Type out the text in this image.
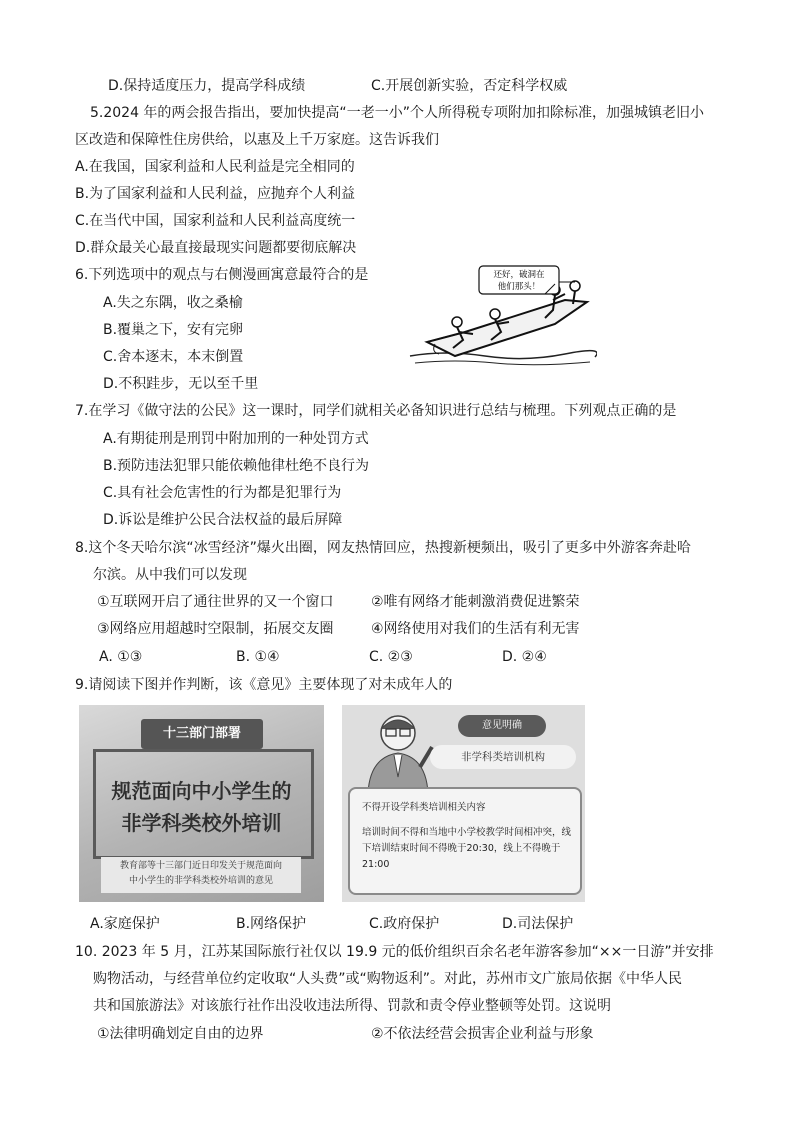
D.保持适度压力，提高学科成绩	C.开展创新实验，否定科学权威
5.2024 年的两会报告指出，要加快提高“一老一小”个人所得税专项附加扣除标准，加强城镇老旧小
区改造和保障性住房供给，以惠及上千万家庭。这告诉我们
A.在我国，国家利益和人民利益是完全相同的
B.为了国家利益和人民利益，应抛弃个人利益
C.在当代中国，国家利益和人民利益高度统一
D.群众最关心最直接最现实问题都要彻底解决
6.下列选项中的观点与右侧漫画寓意最符合的是
A.失之东隅，收之桑榆
B.覆巢之下，安有完卵
C.舍本逐末，本末倒置
D.不积跬步，无以至千里
还好，破洞在
他们那头！
7.在学习《做守法的公民》这一课时，同学们就相关必备知识进行总结与梳理。下列观点正确的是
A.有期徒刑是刑罚中附加刑的一种处罚方式
B.预防违法犯罪只能依赖他律杜绝不良行为
C.具有社会危害性的行为都是犯罪行为
D.诉讼是维护公民合法权益的最后屏障
8.这个冬天哈尔滨“冰雪经济”爆火出圈，网友热情回应，热搜新梗频出，吸引了更多中外游客奔赴哈
尔滨。从中我们可以发现
①互联网开启了通往世界的又一个窗口	②唯有网络才能刺激消费促进繁荣
③网络应用超越时空限制，拓展交友圈	④网络使用对我们的生活有利无害
A. ①③	B. ①④	C. ②③	D. ②④
9.请阅读下图并作判断，该《意见》主要体现了对未成年人的
十三部门部署
规范面向中小学生的
非学科类校外培训
教育部等十三部门近日印发关于规范面向
中小学生的非学科类校外培训的意见
意见明确
非学科类培训机构
不得开设学科类培训相关内容
培训时间不得和当地中小学校教学时间相冲突，线下培训结束时间不得晚于20:30，线上不得晚于21:00
A.家庭保护	B.网络保护	C.政府保护	D.司法保护
10. 2023 年 5 月，江苏某国际旅行社仅以 19.9 元的低价组织百余名老年游客参加“××一日游”并安排
购物活动，与经营单位约定收取“人头费”或“购物返利”。对此，苏州市文广旅局依据《中华人民
共和国旅游法》对该旅行社作出没收违法所得、罚款和责令停业整顿等处罚。这说明
①法律明确划定自由的边界	②不依法经营会损害企业利益与形象
